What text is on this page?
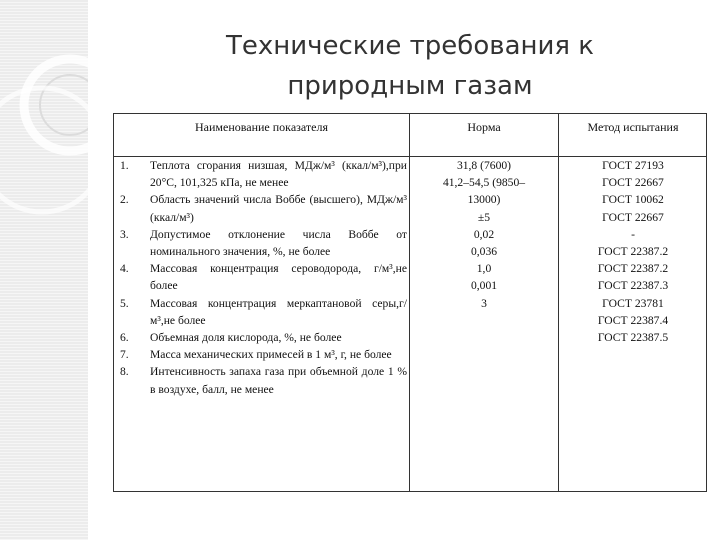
Технические требования к
природным газам
Наименование показателя	Норма	Метод испытания
1. Теплота сгорания низшая, МДж/м³ (ккал/м³),при 20°С, 101,325 кПа, не менее
2. Область значений числа Воббе (высшего), МДж/м³ (ккал/м³)
3. Допустимое отклонение числа Воббе от номинального значения, %, не более
4. Массовая концентрация сероводорода, г/м³,не более
5. Массовая концентрация меркаптановой серы,г/м³,не более
6. Объемная доля кислорода, %, не более
7. Масса механических примесей в 1 м³, г, не более
8. Интенсивность запаха газа при объемной доле 1 % в воздухе, балл, не менее
31,8 (7600)
41,2–54,5 (9850–
13000)
±5
0,02
0,036
1,0
0,001
3
ГОСТ 27193
ГОСТ 22667
ГОСТ 10062
ГОСТ 22667
-
ГОСТ 22387.2
ГОСТ 22387.2
ГОСТ 22387.3
ГОСТ 23781
ГОСТ 22387.4
ГОСТ 22387.5
